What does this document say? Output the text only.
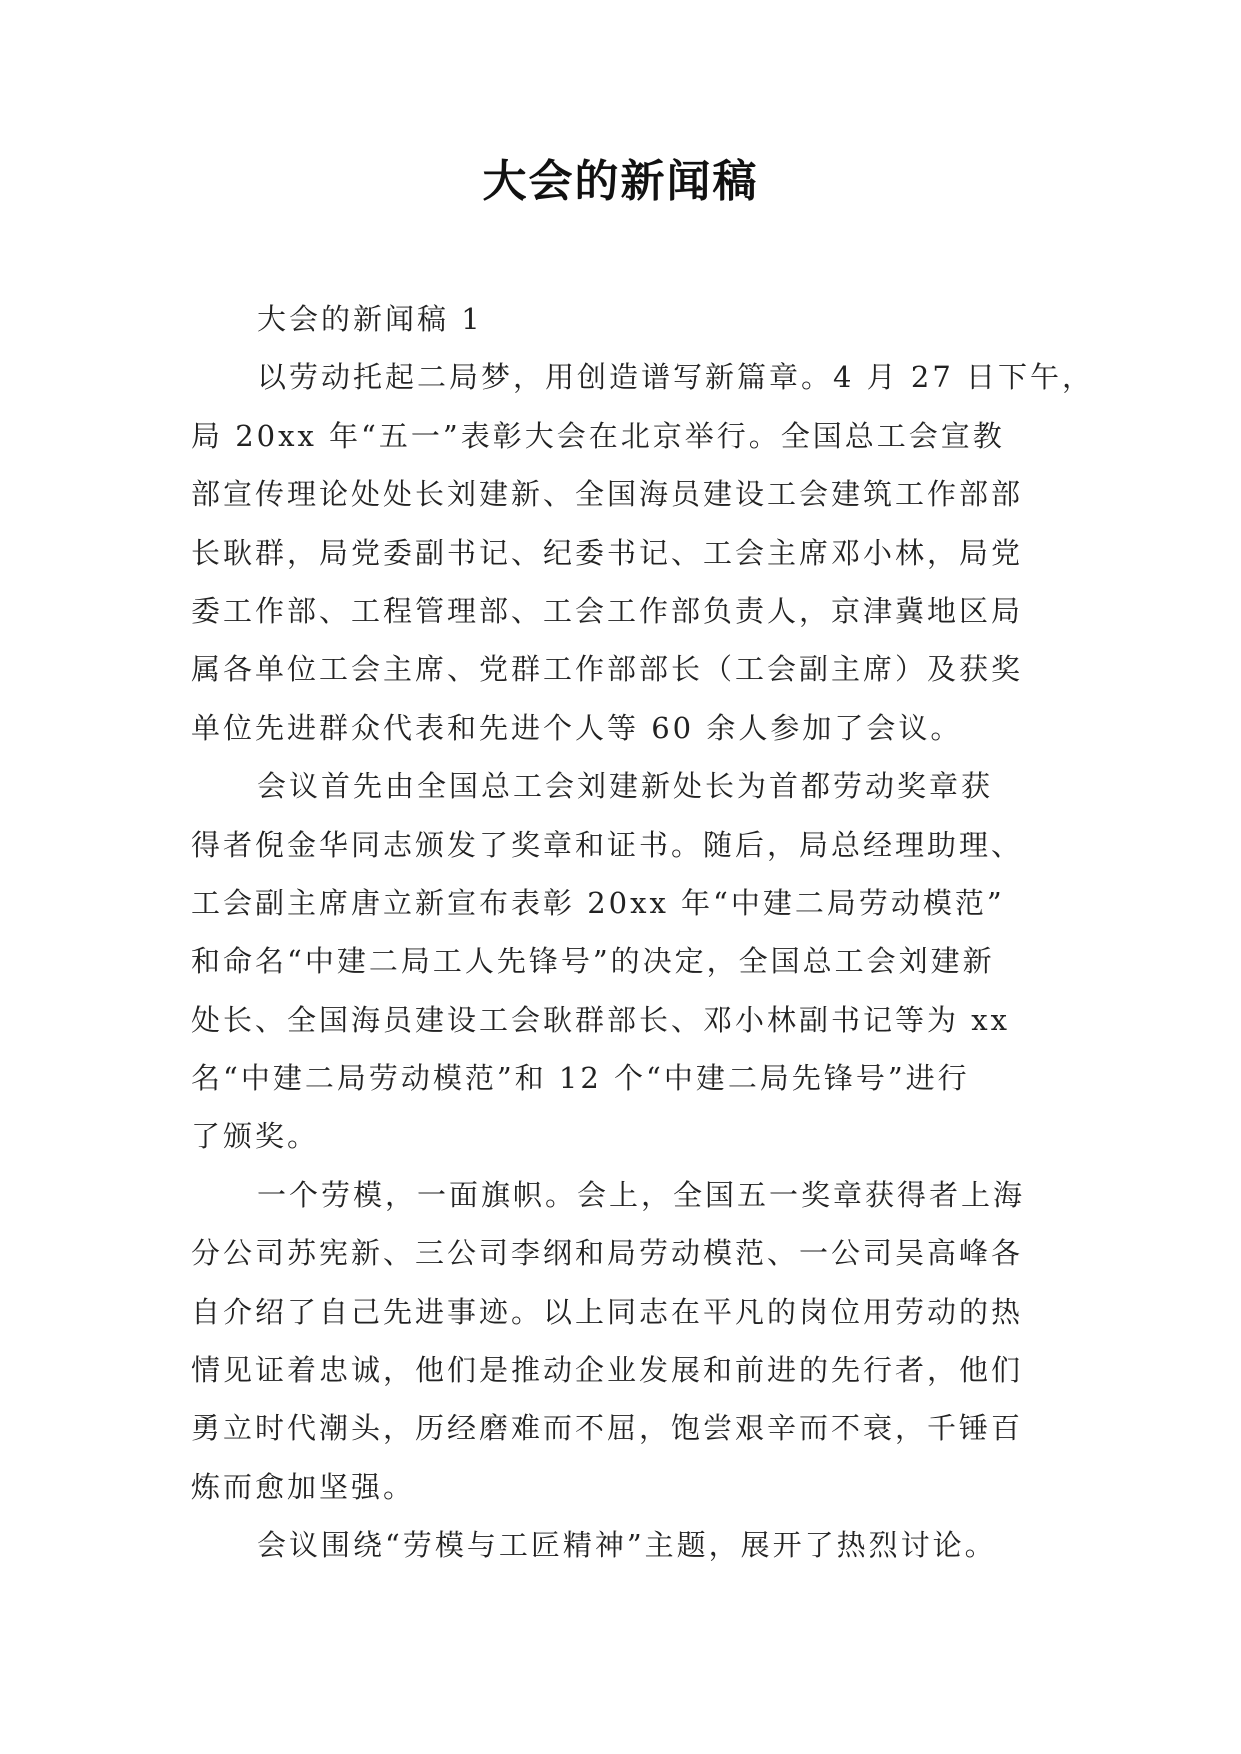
大会的新闻稿
大会的新闻稿 1
以劳动托起二局梦，用创造谱写新篇章。4 月 27 日下午，
局 20xx 年“五一”表彰大会在北京举行。全国总工会宣教
部宣传理论处处长刘建新、全国海员建设工会建筑工作部部
长耿群，局党委副书记、纪委书记、工会主席邓小林，局党
委工作部、工程管理部、工会工作部负责人，京津冀地区局
属各单位工会主席、党群工作部部长（工会副主席）及获奖
单位先进群众代表和先进个人等 60 余人参加了会议。
会议首先由全国总工会刘建新处长为首都劳动奖章获
得者倪金华同志颁发了奖章和证书。随后，局总经理助理、
工会副主席唐立新宣布表彰 20xx 年“中建二局劳动模范”
和命名“中建二局工人先锋号”的决定，全国总工会刘建新
处长、全国海员建设工会耿群部长、邓小林副书记等为 xx
名“中建二局劳动模范”和 12 个“中建二局先锋号”进行
了颁奖。
一个劳模，一面旗帜。会上，全国五一奖章获得者上海
分公司苏宪新、三公司李纲和局劳动模范、一公司吴高峰各
自介绍了自己先进事迹。以上同志在平凡的岗位用劳动的热
情见证着忠诚，他们是推动企业发展和前进的先行者，他们
勇立时代潮头，历经磨难而不屈，饱尝艰辛而不衰，千锤百
炼而愈加坚强。
会议围绕“劳模与工匠精神”主题，展开了热烈讨论。
